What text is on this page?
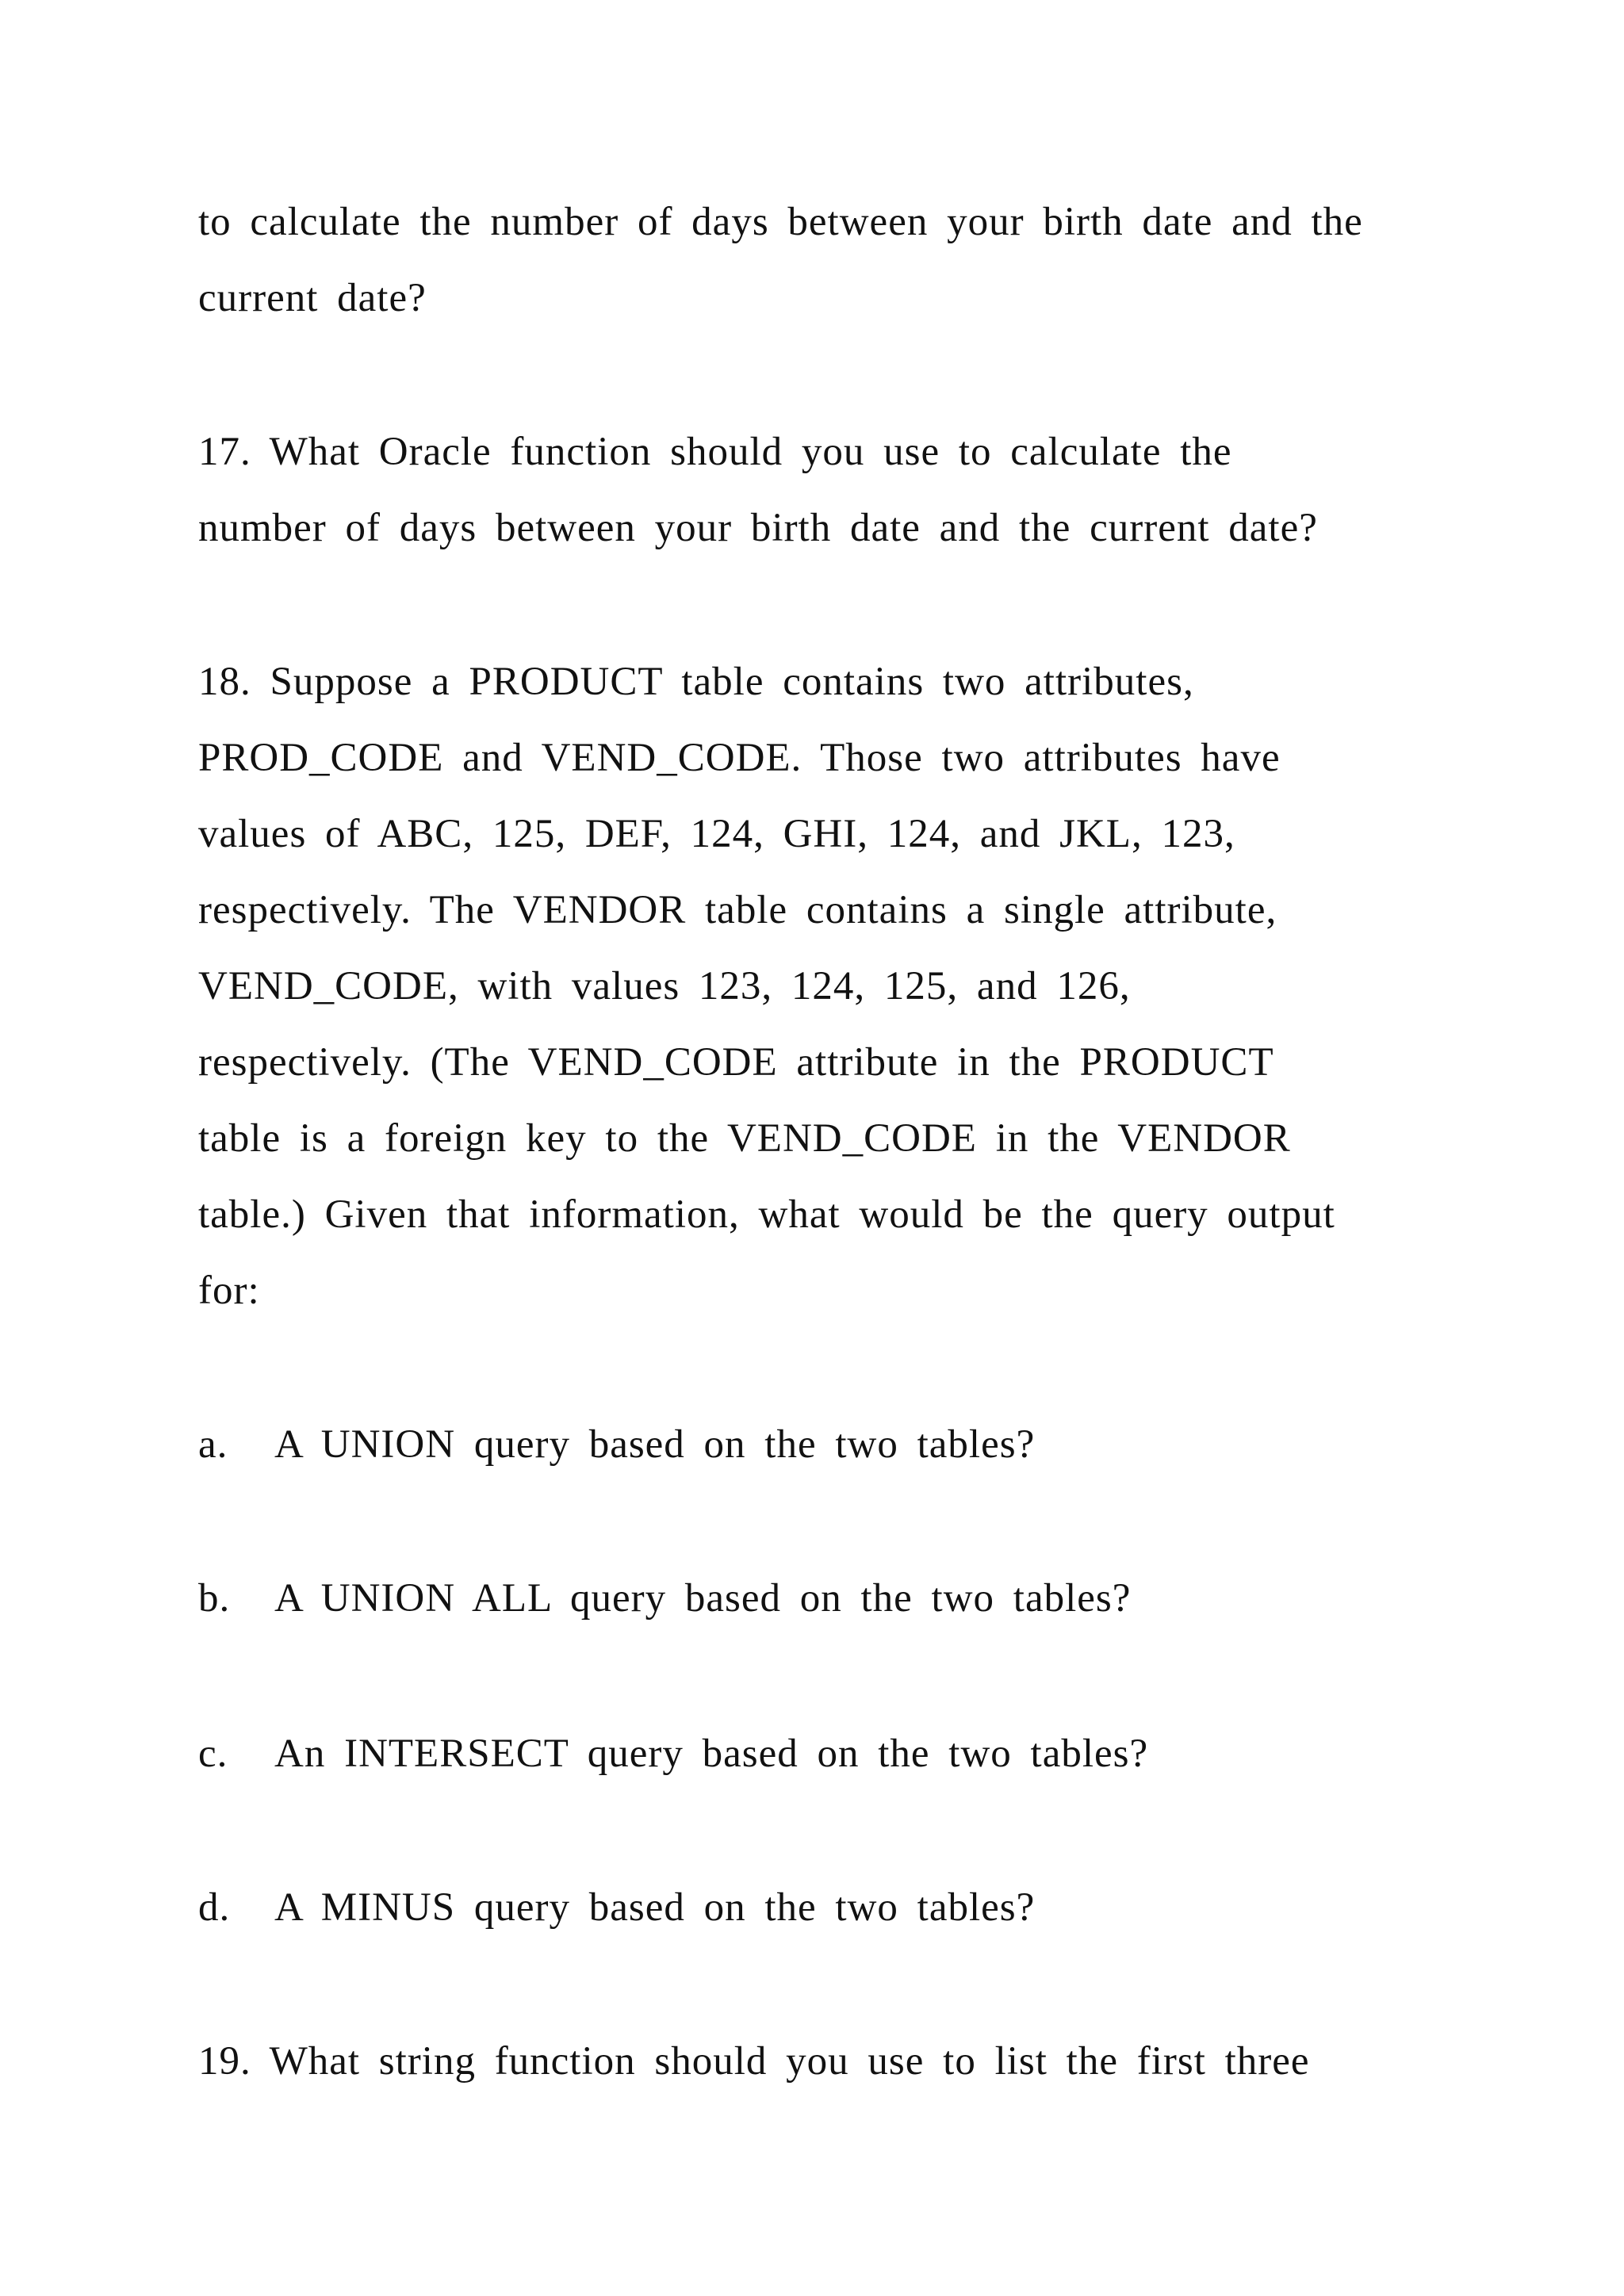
to calculate the number of days between your birth date and the
current date?
17. What Oracle function should you use to calculate the
number of days between your birth date and the current date?
18. Suppose a PRODUCT table contains two attributes,
PROD_CODE and VEND_CODE. Those two attributes have
values of ABC, 125, DEF, 124, GHI, 124, and JKL, 123,
respectively. The VENDOR table contains a single attribute,
VEND_CODE, with values 123, 124, 125, and 126,
respectively. (The VEND_CODE attribute in the PRODUCT
table is a foreign key to the VEND_CODE in the VENDOR
table.) Given that information, what would be the query output
for:
a. A UNION query based on the two tables?
b. A UNION ALL query based on the two tables?
c. An INTERSECT query based on the two tables?
d. A MINUS query based on the two tables?
19. What string function should you use to list the first three
